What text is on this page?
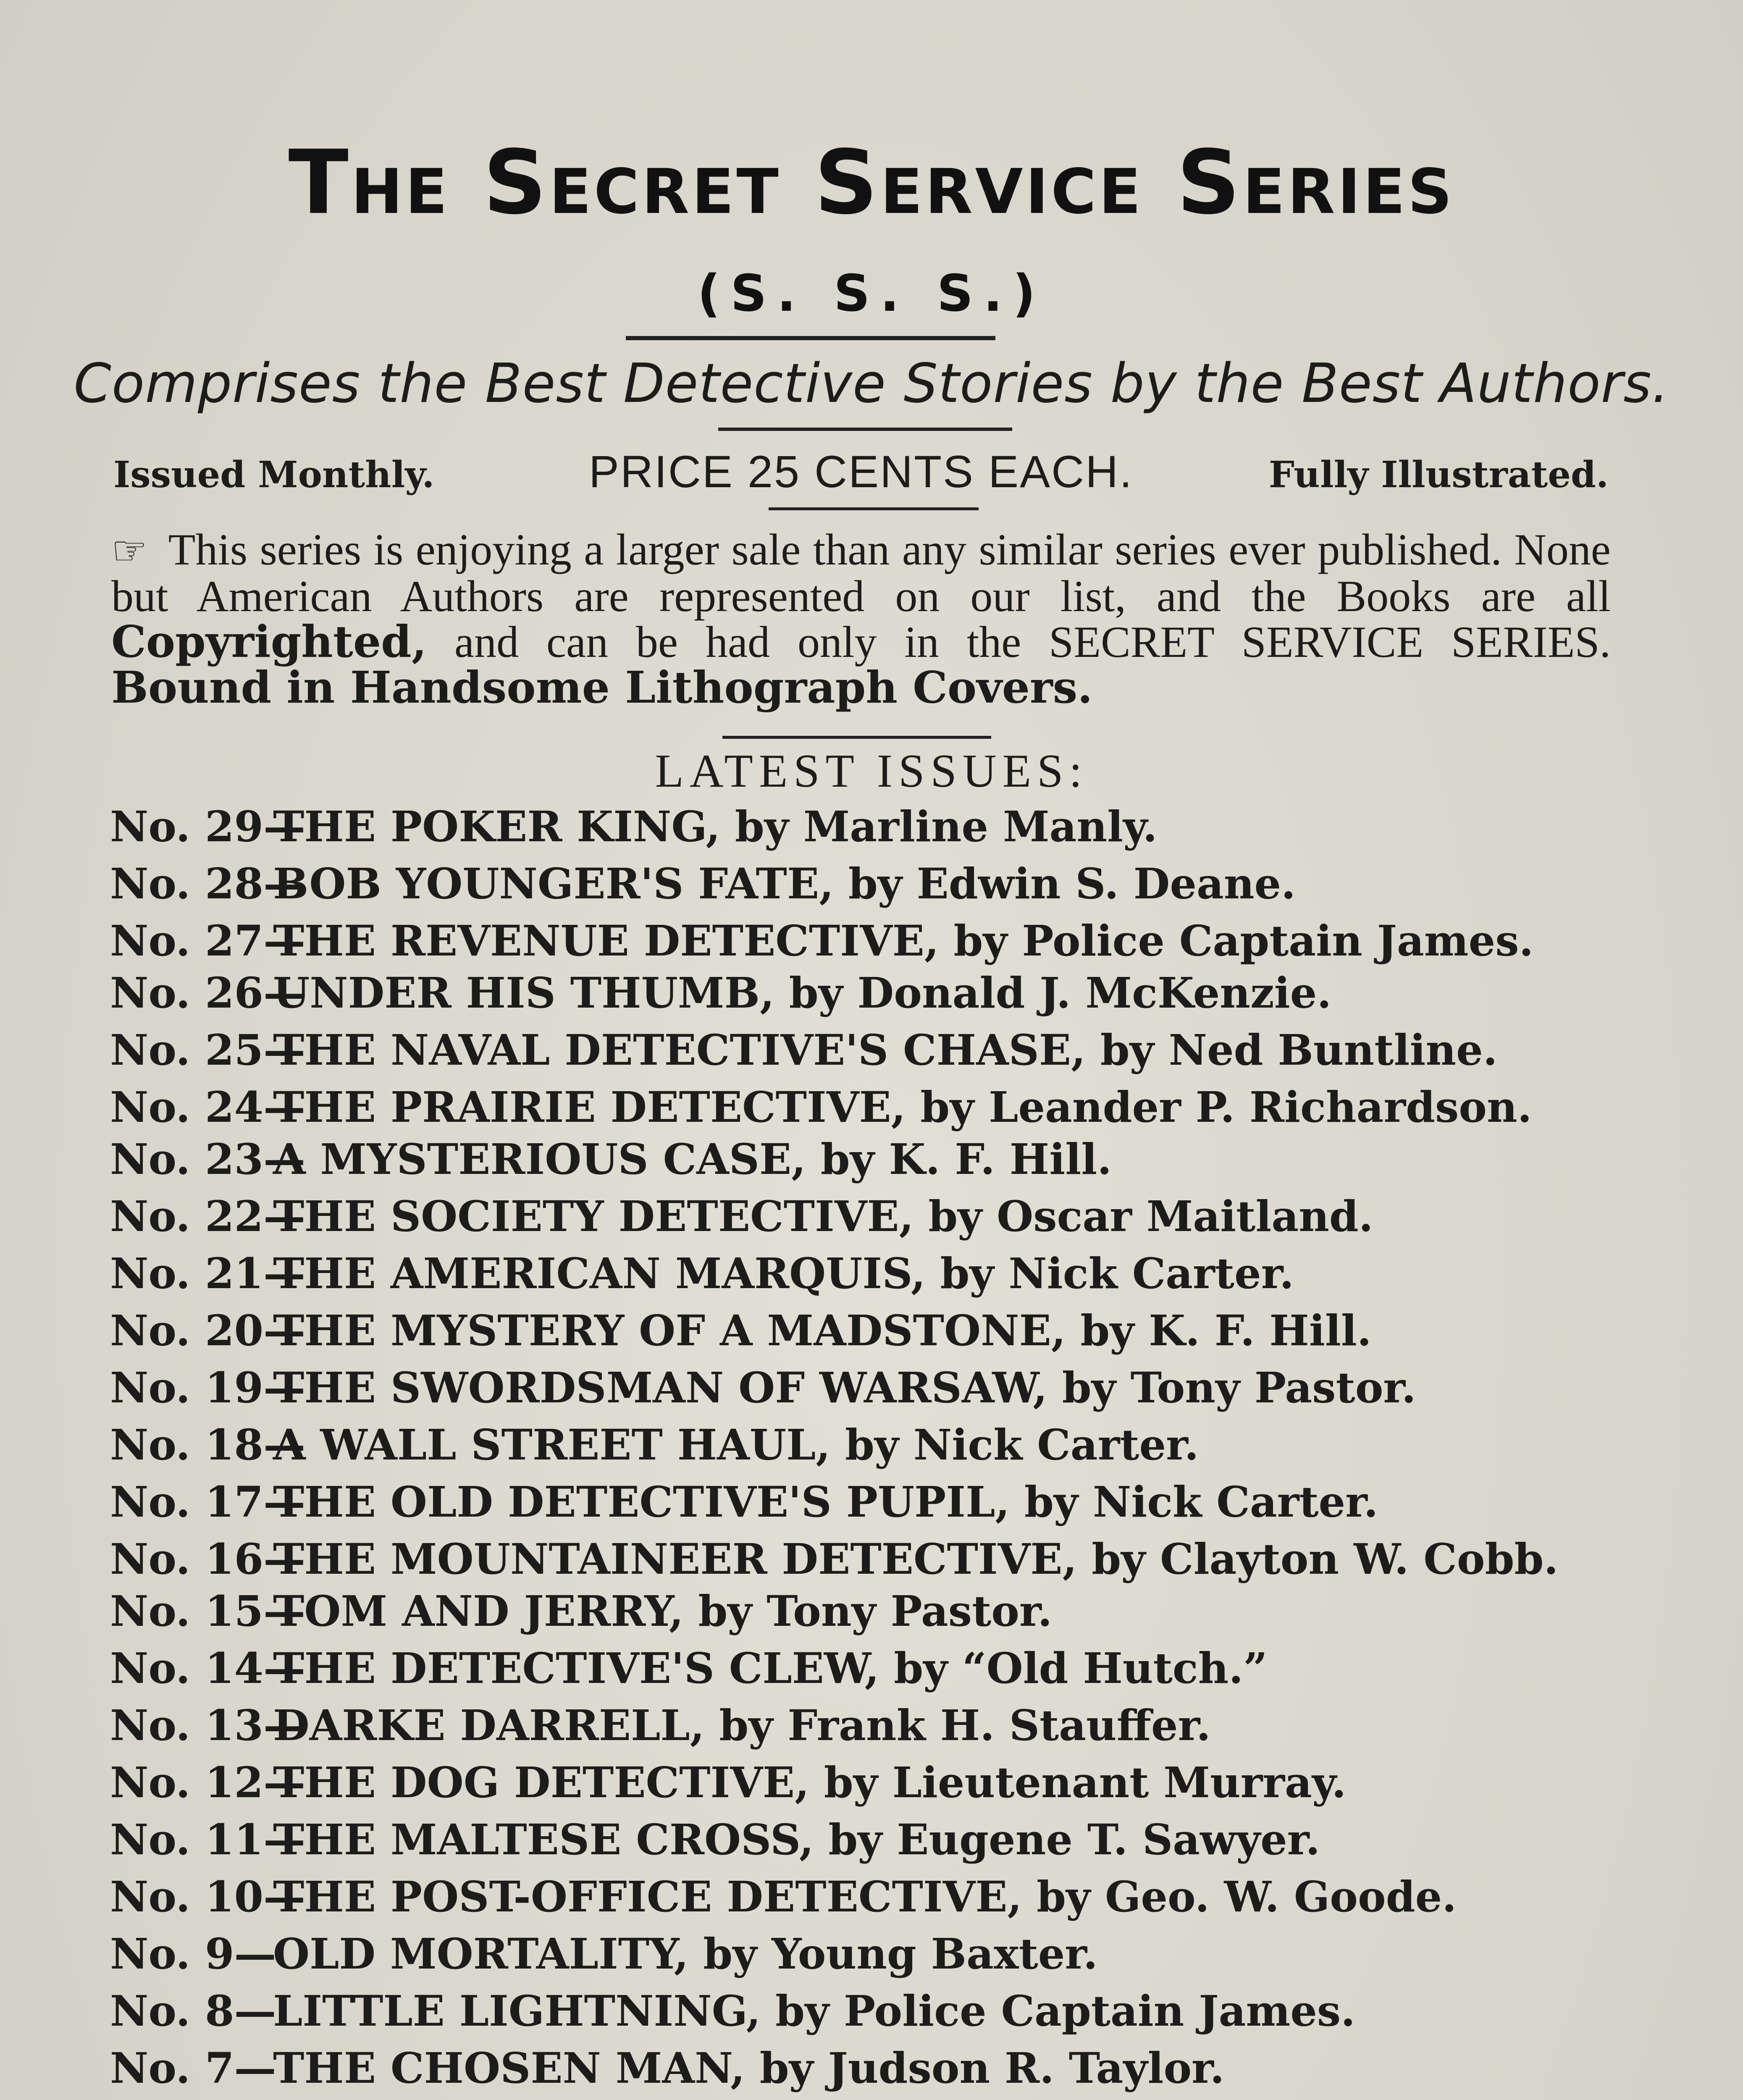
The Secret Service Series
(S. S. S.)
Comprises the Best Detective Stories by the Best Authors.
Issued Monthly.	PRICE 25 CENTS EACH.	Fully Illustrated.
☞ This series is enjoying a larger sale than any similar series ever published. None but American Authors are represented on our list, and the Books are all Copyrighted, and can be had only in the SECRET SERVICE SERIES. Bound in Handsome Lithograph Covers.
LATEST ISSUES:
No. 29—
THE POKER KING, by Marline Manly.
No. 28—
BOB YOUNGER'S FATE, by Edwin S. Deane.
No. 27—
THE REVENUE DETECTIVE, by Police Captain James.
No. 26—
UNDER HIS THUMB, by Donald J. McKenzie.
No. 25—
THE NAVAL DETECTIVE'S CHASE, by Ned Buntline.
No. 24—
THE PRAIRIE DETECTIVE, by Leander P. Richardson.
No. 23—
A MYSTERIOUS CASE, by K. F. Hill.
No. 22—
THE SOCIETY DETECTIVE, by Oscar Maitland.
No. 21—
THE AMERICAN MARQUIS, by Nick Carter.
No. 20—
THE MYSTERY OF A MADSTONE, by K. F. Hill.
No. 19—
THE SWORDSMAN OF WARSAW, by Tony Pastor.
No. 18—
A WALL STREET HAUL, by Nick Carter.
No. 17—
THE OLD DETECTIVE'S PUPIL, by Nick Carter.
No. 16—
THE MOUNTAINEER DETECTIVE, by Clayton W. Cobb.
No. 15—
TOM AND JERRY, by Tony Pastor.
No. 14—
THE DETECTIVE'S CLEW, by “Old Hutch.”
No. 13—
DARKE DARRELL, by Frank H. Stauffer.
No. 12—
THE DOG DETECTIVE, by Lieutenant Murray.
No. 11—
THE MALTESE CROSS, by Eugene T. Sawyer.
No. 10—
THE POST-OFFICE DETECTIVE, by Geo. W. Goode.
No. 9—
OLD MORTALITY, by Young Baxter.
No. 8—
LITTLE LIGHTNING, by Police Captain James.
No. 7—
THE CHOSEN MAN, by Judson R. Taylor.
